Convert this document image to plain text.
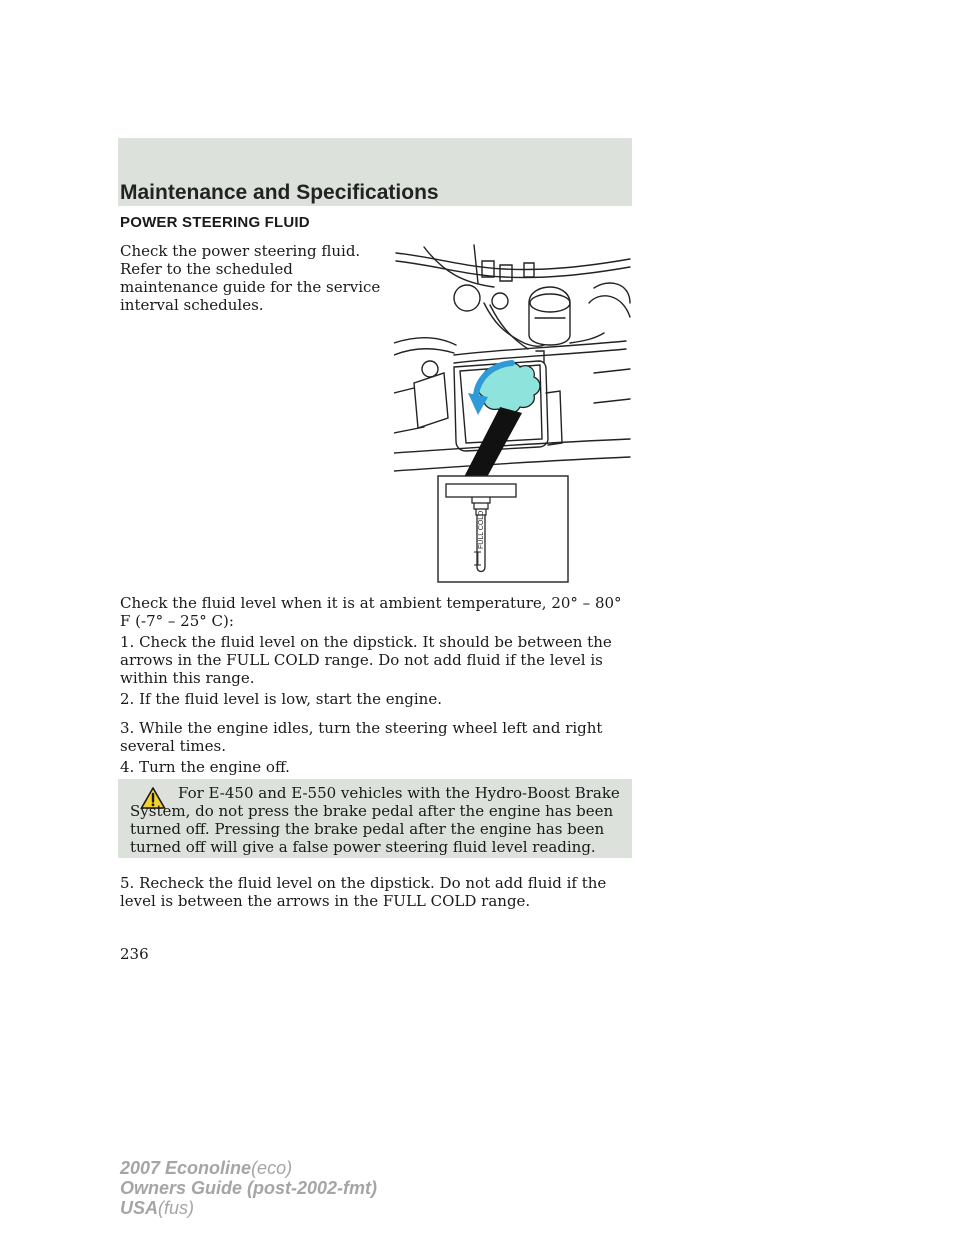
Maintenance and Specifications
POWER STEERING FLUID
Check the power steering fluid. Refer to the scheduled maintenance guide for the service interval schedules.
FULL COLD
Check the fluid level when it is at ambient temperature, 20° – 80° F (-7° – 25° C):
1. Check the fluid level on the dipstick. It should be between the arrows in the FULL COLD range. Do not add fluid if the level is within this range.
2. If the fluid level is low, start the engine.
3. While the engine idles, turn the steering wheel left and right several times.
4. Turn the engine off.
For E-450 and E-550 vehicles with the Hydro-Boost Brake System, do not press the brake pedal after the engine has been turned off. Pressing the brake pedal after the engine has been turned off will give a false power steering fluid level reading.
5. Recheck the fluid level on the dipstick. Do not add fluid if the level is between the arrows in the FULL COLD range.
236
2007 Econoline(eco)
Owners Guide (post-2002-fmt)
USA(fus)
